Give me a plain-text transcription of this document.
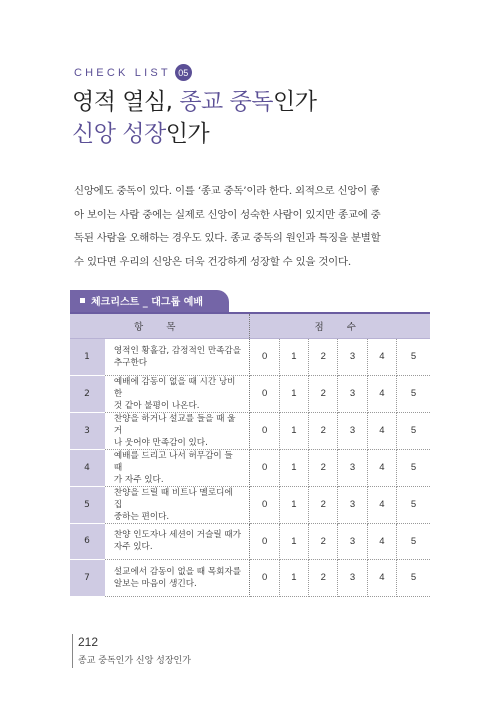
CHECK LIST 05
영적 열심, 종교 중독인가
신앙 성장인가
신앙에도 중독이 있다. 이를 ‘종교 중독’이라 한다. 외적으로 신앙이 좋
아 보이는 사람 중에는 실제로 신앙이 성숙한 사람이 있지만 종교에 중
독된 사람을 오해하는 경우도 있다. 종교 중독의 원인과 특징을 분별할
수 있다면 우리의 신앙은 더욱 건강하게 성장할 수 있을 것이다.
체크리스트 _ 대그룹 예배
항 목		점 수					
1	영적인 황홀감, 감정적인 만족감을
추구한다	0	1	2	3	4	5
2	예배에 감동이 없을 때 시간 낭비한
것 같아 불평이 나온다.	0	1	2	3	4	5
3	찬양을 하거나 설교를 들을 때 울거
나 웃어야 만족감이 있다.	0	1	2	3	4	5
4	예배를 드리고 나서 허무감이 들 때
가 자주 있다.	0	1	2	3	4	5
5	찬양을 드릴 때 비트나 멜로디에 집
중하는 편이다.	0	1	2	3	4	5
6	찬양 인도자나 세션이 거슬릴 때가
자주 있다.	0	1	2	3	4	5
7	설교에서 감동이 없을 때 목회자를
알보는 마음이 생긴다.	0	1	2	3	4	5
212
종교 중독인가 신앙 성장인가
